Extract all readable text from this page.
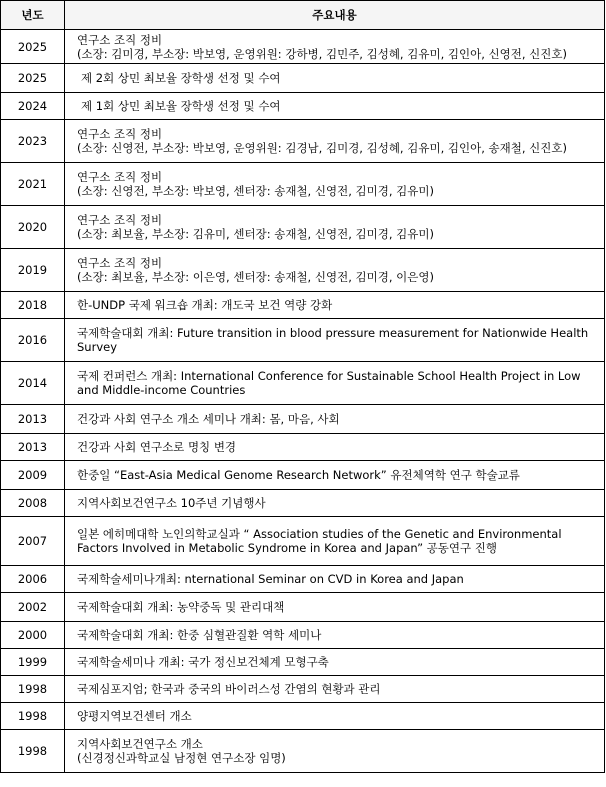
년도	주요내용
2025	연구소 조직 정비
(소장: 김미경, 부소장: 박보영, 운영위원: 강하병, 김민주, 김성혜, 김유미, 김인아, 신영전, 신진호)

2025	제 2회 상민 최보율 장학생 선정 및 수여

2024	제 1회 상민 최보율 장학생 선정 및 수여

2023	연구소 조직 정비
(소장: 신영전, 부소장: 박보영, 운영위원: 김경남, 김미경, 김성혜, 김유미, 김인아, 송재철, 신진호)

2021	연구소 조직 정비
(소장: 신영전, 부소장: 박보영, 센터장: 송재철, 신영전, 김미경, 김유미)

2020	연구소 조직 정비
(소장: 최보율, 부소장: 김유미, 센터장: 송재철, 신영전, 김미경, 김유미)

2019	연구소 조직 정비
(소장: 최보율, 부소장: 이은영, 센터장: 송재철, 신영전, 김미경, 이은영)

2018	한-UNDP 국제 워크숍 개최: 개도국 보건 역량 강화

2016	국제학술대회 개최: Future transition in blood pressure measurement for Nationwide Health Survey

2014	국제 컨퍼런스 개최: International Conference for Sustainable School Health Project in Low and Middle-income Countries

2013	건강과 사회 연구소 개소 세미나 개최: 몸, 마음, 사회

2013	건강과 사회 연구소로 명칭 변경

2009	한중일 “East-Asia Medical Genome Research Network” 유전체역학 연구 학술교류

2008	지역사회보건연구소 10주년 기념행사

2007	일본 에히메대학 노인의학교실과 “ Association studies of the Genetic and Environmental Factors Involved in Metabolic Syndrome in Korea and Japan” 공동연구 진행

2006	국제학술세미나개최: nternational Seminar on CVD in Korea and Japan

2002	국제학술대회 개최: 농약중독 및 관리대책

2000	국제학술대회 개최: 한중 심혈관질환 역학 세미나

1999	국제학술세미나 개최: 국가 정신보건체계 모형구축

1998	국제심포지엄; 한국과 중국의 바이러스성 간염의 현황과 관리

1998	양평지역보건센터 개소

1998	지역사회보건연구소 개소
(신경정신과학교실 남정현 연구소장 임명)
